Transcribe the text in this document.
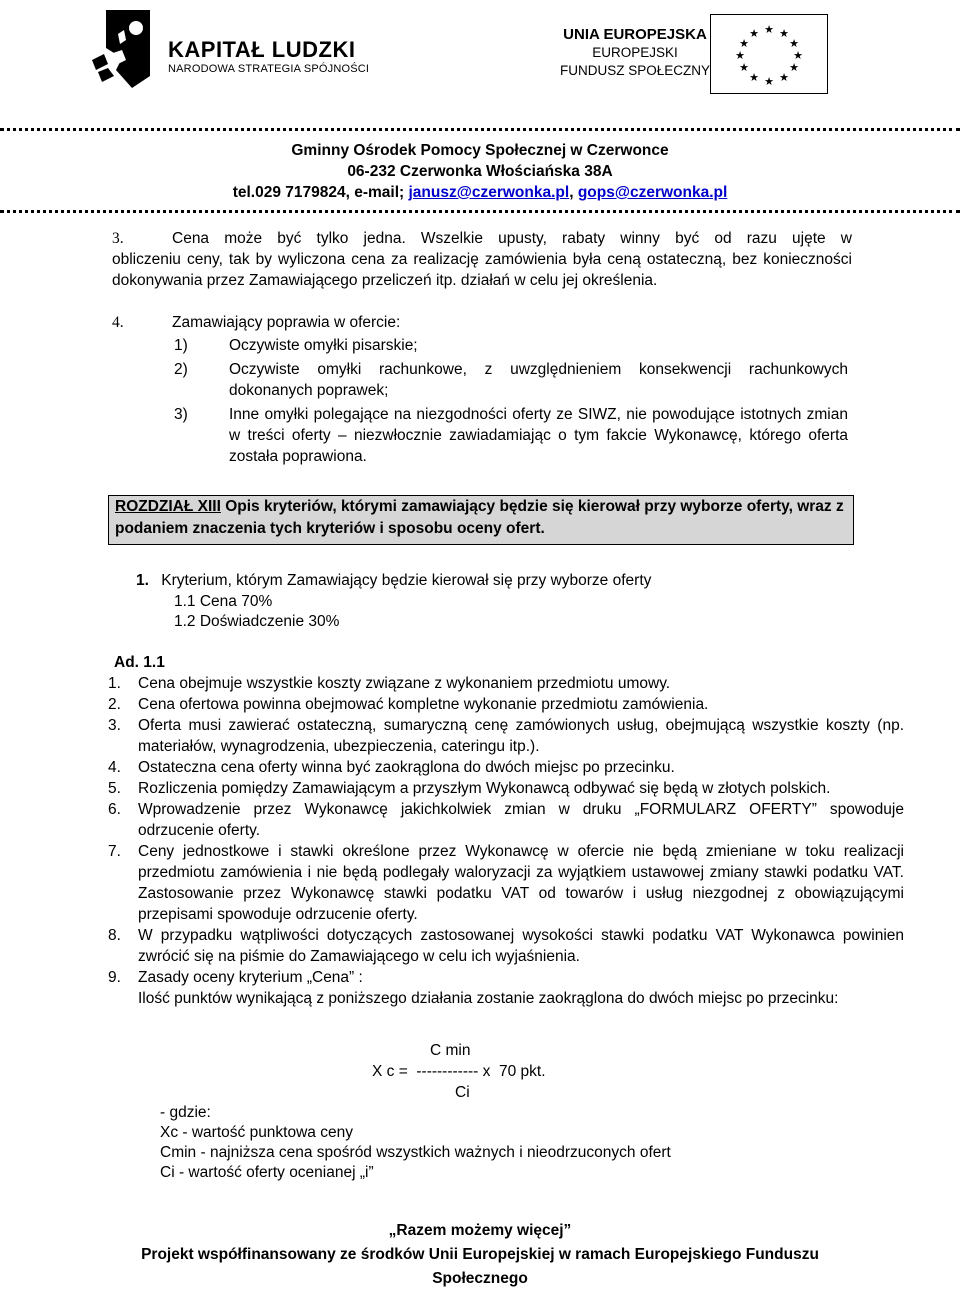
KAPITAŁ LUDZKI
NARODOWA STRATEGIA SPÓJNOŚCI
UNIA EUROPEJSKA
EUROPEJSKI
FUNDUSZ SPOŁECZNY
★ ★
★
★
★
★
★
★
★
★
★
★
Gminny Ośrodek Pomocy Społecznej w Czerwonce
06-232 Czerwonka Włościańska 38A
tel.029 7179824, e-mail; janusz@czerwonka.pl, gops@czerwonka.pl
3.	Cena może być tylko jedna. Wszelkie upusty, rabaty winny być od razu ujęte w
obliczeniu ceny, tak by wyliczona cena za realizację zamówienia była ceną ostateczną, bez konieczności dokonywania przez Zamawiającego przeliczeń itp. działań w celu jej określenia.
4.	Zamawiający poprawia w ofercie:
1)	Oczywiste omyłki pisarskie;
2)	Oczywiste omyłki rachunkowe, z uwzględnieniem konsekwencji rachunkowych dokonanych poprawek;
3)	Inne omyłki polegające na niezgodności oferty ze SIWZ, nie powodujące istotnych zmian w treści oferty – niezwłocznie zawiadamiając o tym fakcie Wykonawcę, którego oferta została poprawiona.
ROZDZIAŁ XIII Opis kryteriów, którymi zamawiający będzie się kierował przy wyborze oferty, wraz z podaniem znaczenia tych kryteriów i sposobu oceny ofert.
1. Kryterium, którym Zamawiający będzie kierował się przy wyborze oferty
1.1 Cena 70%
1.2 Doświadczenie 30%
Ad. 1.1
1. Cena obejmuje wszystkie koszty związane z wykonaniem przedmiotu umowy.
2. Cena ofertowa powinna obejmować kompletne wykonanie przedmiotu zamówienia.
3. Oferta musi zawierać ostateczną, sumaryczną cenę zamówionych usług, obejmującą wszystkie koszty (np. materiałów, wynagrodzenia, ubezpieczenia, cateringu itp.).
4. Ostateczna cena oferty winna być zaokrąglona do dwóch miejsc po przecinku.
5. Rozliczenia pomiędzy Zamawiającym a przyszłym Wykonawcą odbywać się będą w złotych polskich.
6. Wprowadzenie przez Wykonawcę jakichkolwiek zmian w druku „FORMULARZ OFERTY” spowoduje odrzucenie oferty.
7. Ceny jednostkowe i stawki określone przez Wykonawcę w ofercie nie będą zmieniane w toku realizacji przedmiotu zamówienia i nie będą podlegały waloryzacji za wyjątkiem ustawowej zmiany stawki podatku VAT. Zastosowanie przez Wykonawcę stawki podatku VAT od towarów i usług niezgodnej z obowiązującymi przepisami spowoduje odrzucenie oferty.
8. W przypadku wątpliwości dotyczących zastosowanej wysokości stawki podatku VAT Wykonawca powinien zwrócić się na piśmie do Zamawiającego w celu ich wyjaśnienia.
9. Zasady oceny kryterium „Cena” :
Ilość punktów wynikającą z poniższego działania zostanie zaokrąglona do dwóch miejsc po przecinku:
C min
X c =  ------------ x  70 pkt.
Ci
- gdzie:
Xc - wartość punktowa ceny
Cmin - najniższa cena spośród wszystkich ważnych i nieodrzuconych ofert
Ci - wartość oferty ocenianej „i”
„Razem możemy więcej”
Projekt współfinansowany ze środków Unii Europejskiej w ramach Europejskiego Funduszu
Społecznego
